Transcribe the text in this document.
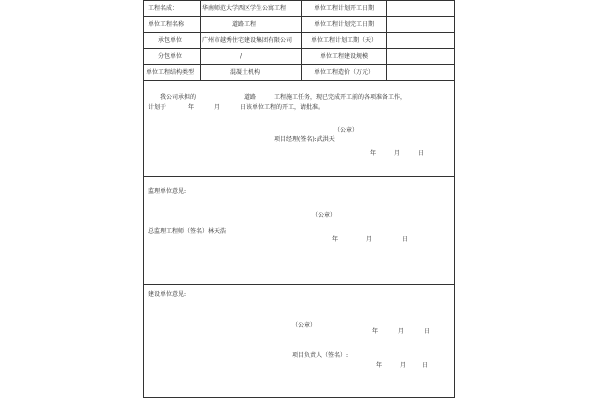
工程名成：	华南师范大学西区学生公寓工程	单位工程计划开工日期
单位工程名称	道路工程	单位工程计划完工日期
承包单位	广州市越秀住宅建设集团有限公司	单位工程计划工期（天）
分包单位	/	单位工程建设规模
单位工程结构类型	混凝土机构	单位工程造价（万元）
我公司承担的	道路	工程施工任务，现已完成开工前的各项准备工作，
计划于	年	月	日该单位工程的开工，请批准。
（公章）
项目经理(签名):武洪天
年	月	日
监理单位意见:
（公章）
总监理工程师（签名）林天浩
年	月	日
建设单位意见:
（公章）
年	月	日
项目负责人（签名）:
年	月	日
